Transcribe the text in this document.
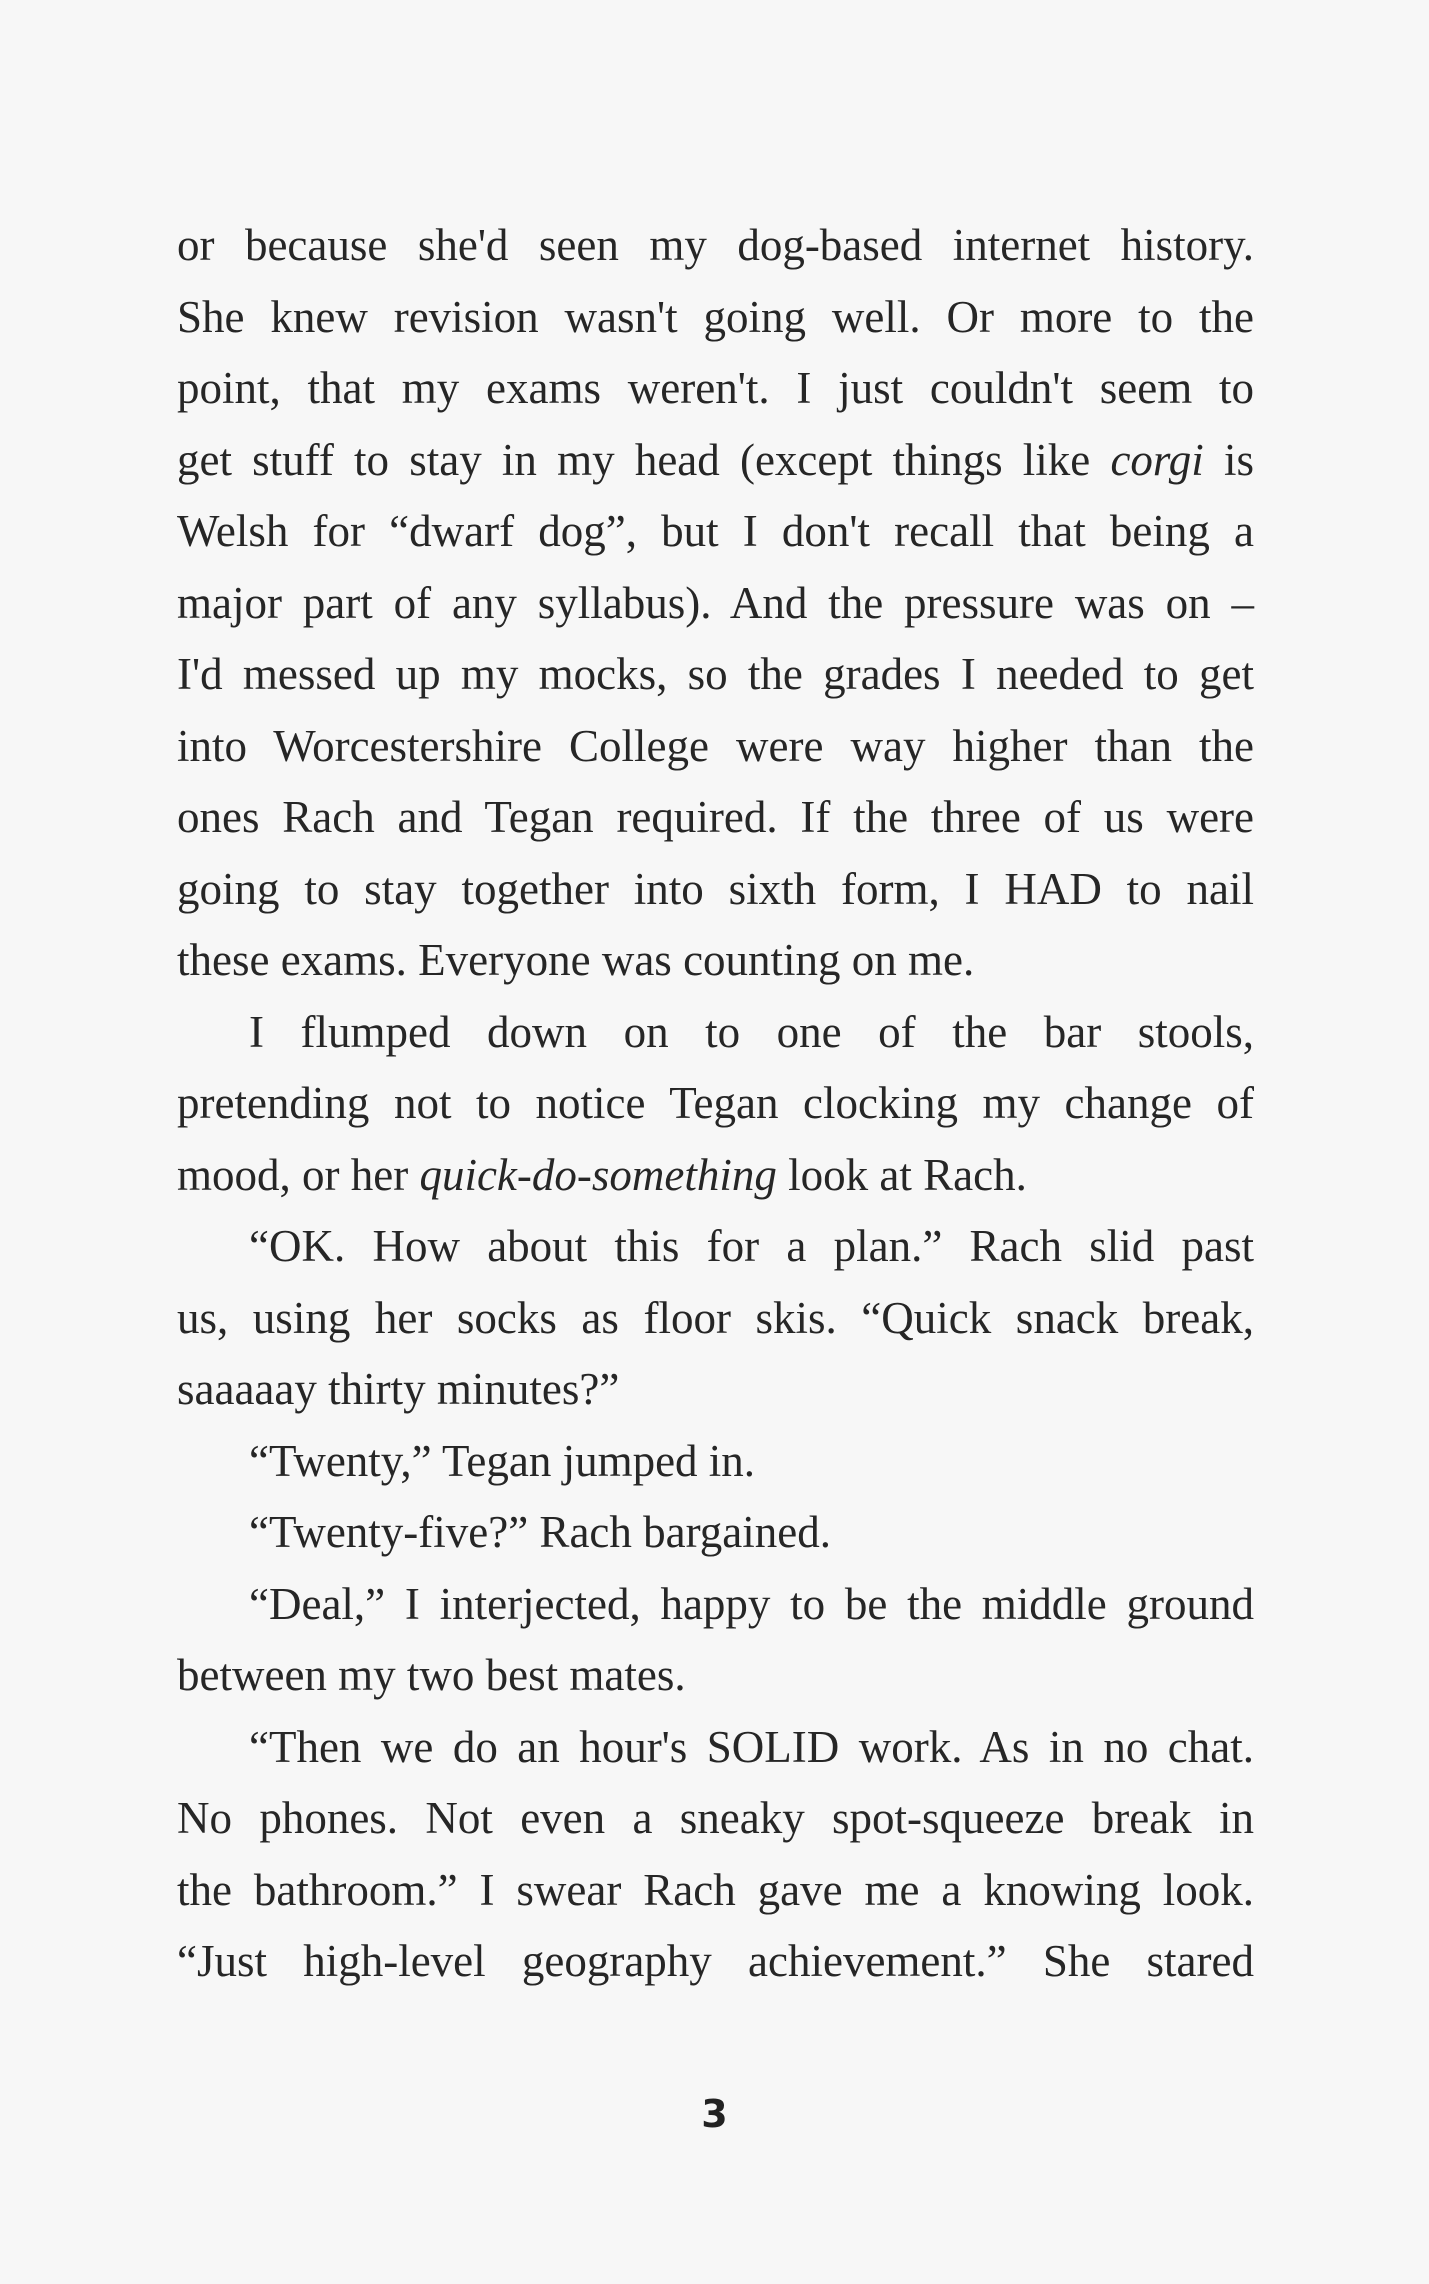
or because she'd seen my dog-based internet history.
She knew revision wasn't going well. Or more to the
point, that my exams weren't. I just couldn't seem to
get stuff to stay in my head (except things like corgi is
Welsh for “dwarf dog”, but I don't recall that being a
major part of any syllabus). And the pressure was on –
I'd messed up my mocks, so the grades I needed to get
into Worcestershire College were way higher than the
ones Rach and Tegan required. If the three of us were
going to stay together into sixth form, I HAD to nail
these exams. Everyone was counting on me.
I flumped down on to one of the bar stools,
pretending not to notice Tegan clocking my change of
mood, or her quick-do-something look at Rach.
“OK. How about this for a plan.” Rach slid past
us, using her socks as floor skis. “Quick snack break,
saaaaay thirty minutes?”
“Twenty,” Tegan jumped in.
“Twenty-five?” Rach bargained.
“Deal,” I interjected, happy to be the middle ground
between my two best mates.
“Then we do an hour's SOLID work. As in no chat.
No phones. Not even a sneaky spot-squeeze break in
the bathroom.” I swear Rach gave me a knowing look.
“Just high-level geography achievement.” She stared
3
